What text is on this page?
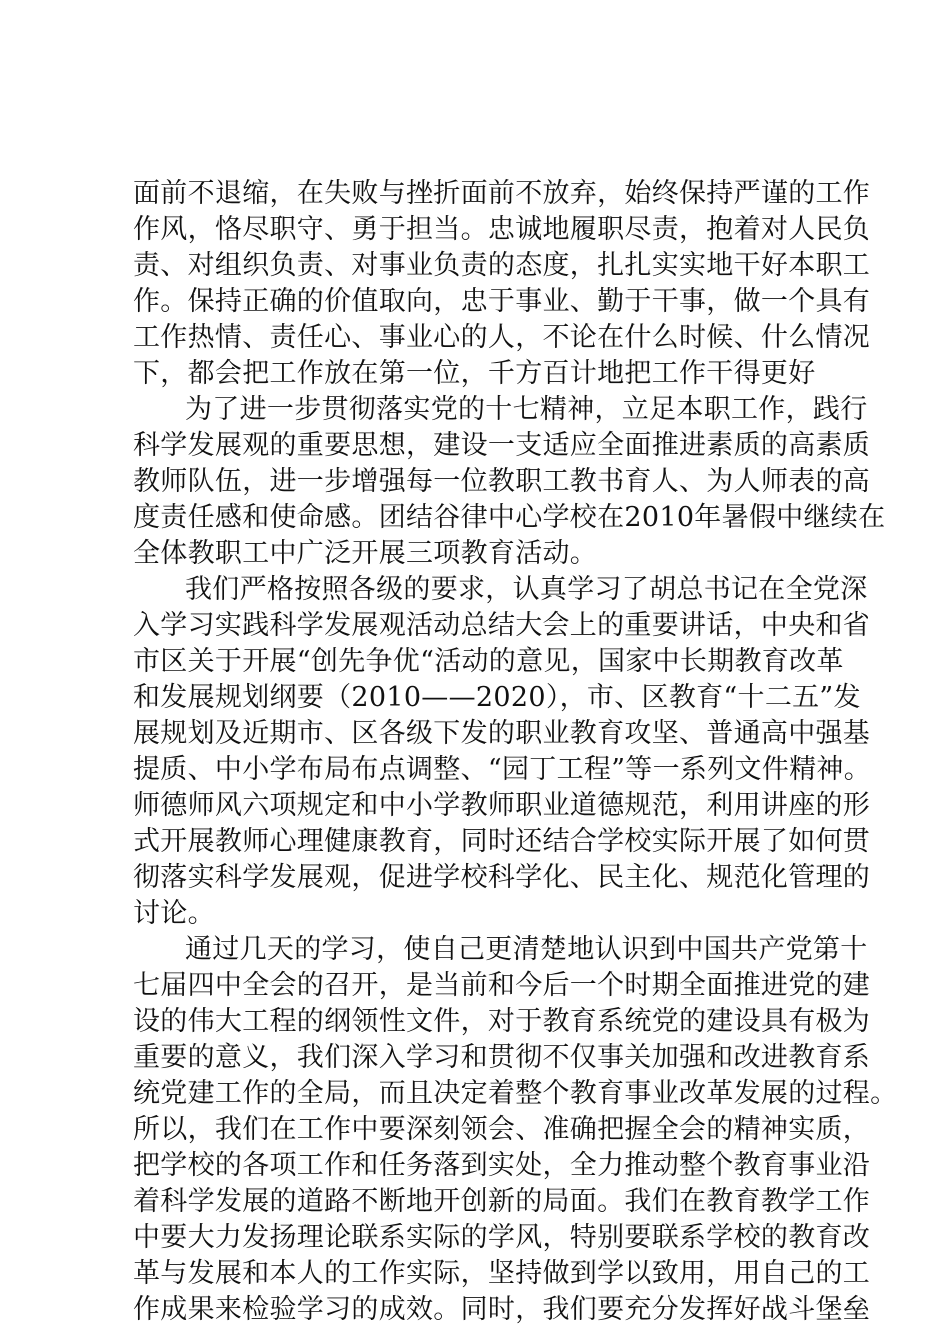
面前不退缩，在失败与挫折面前不放弃，始终保持严谨的工作
作风，恪尽职守、勇于担当。忠诚地履职尽责，抱着对人民负
责、对组织负责、对事业负责的态度，扎扎实实地干好本职工
作。保持正确的价值取向，忠于事业、勤于干事，做一个具有
工作热情、责任心、事业心的人，不论在什么时候、什么情况
下，都会把工作放在第一位，千方百计地把工作干得更好
为了进一步贯彻落实党的十七精神，立足本职工作，践行
科学发展观的重要思想，建设一支适应全面推进素质的高素质
教师队伍，进一步增强每一位教职工教书育人、为人师表的高
度责任感和使命感。团结谷律中心学校在2010年暑假中继续在
全体教职工中广泛开展三项教育活动。
我们严格按照各级的要求，认真学习了胡总书记在全党深
入学习实践科学发展观活动总结大会上的重要讲话，中央和省
市区关于开展“创先争优“活动的意见，国家中长期教育改革
和发展规划纲要（2010——2020），市、区教育“十二五”发
展规划及近期市、区各级下发的职业教育攻坚、普通高中强基
提质、中小学布局布点调整、“园丁工程”等一系列文件精神。
师德师风六项规定和中小学教师职业道德规范，利用讲座的形
式开展教师心理健康教育，同时还结合学校实际开展了如何贯
彻落实科学发展观，促进学校科学化、民主化、规范化管理的
讨论。
通过几天的学习，使自己更清楚地认识到中国共产党第十
七届四中全会的召开，是当前和今后一个时期全面推进党的建
设的伟大工程的纲领性文件，对于教育系统党的建设具有极为
重要的意义，我们深入学习和贯彻不仅事关加强和改进教育系
统党建工作的全局，而且决定着整个教育事业改革发展的过程。
所以，我们在工作中要深刻领会、准确把握全会的精神实质，
把学校的各项工作和任务落到实处，全力推动整个教育事业沿
着科学发展的道路不断地开创新的局面。我们在教育教学工作
中要大力发扬理论联系实际的学风，特别要联系学校的教育改
革与发展和本人的工作实际，坚持做到学以致用，用自己的工
作成果来检验学习的成效。同时，我们要充分发挥好战斗堡垒
